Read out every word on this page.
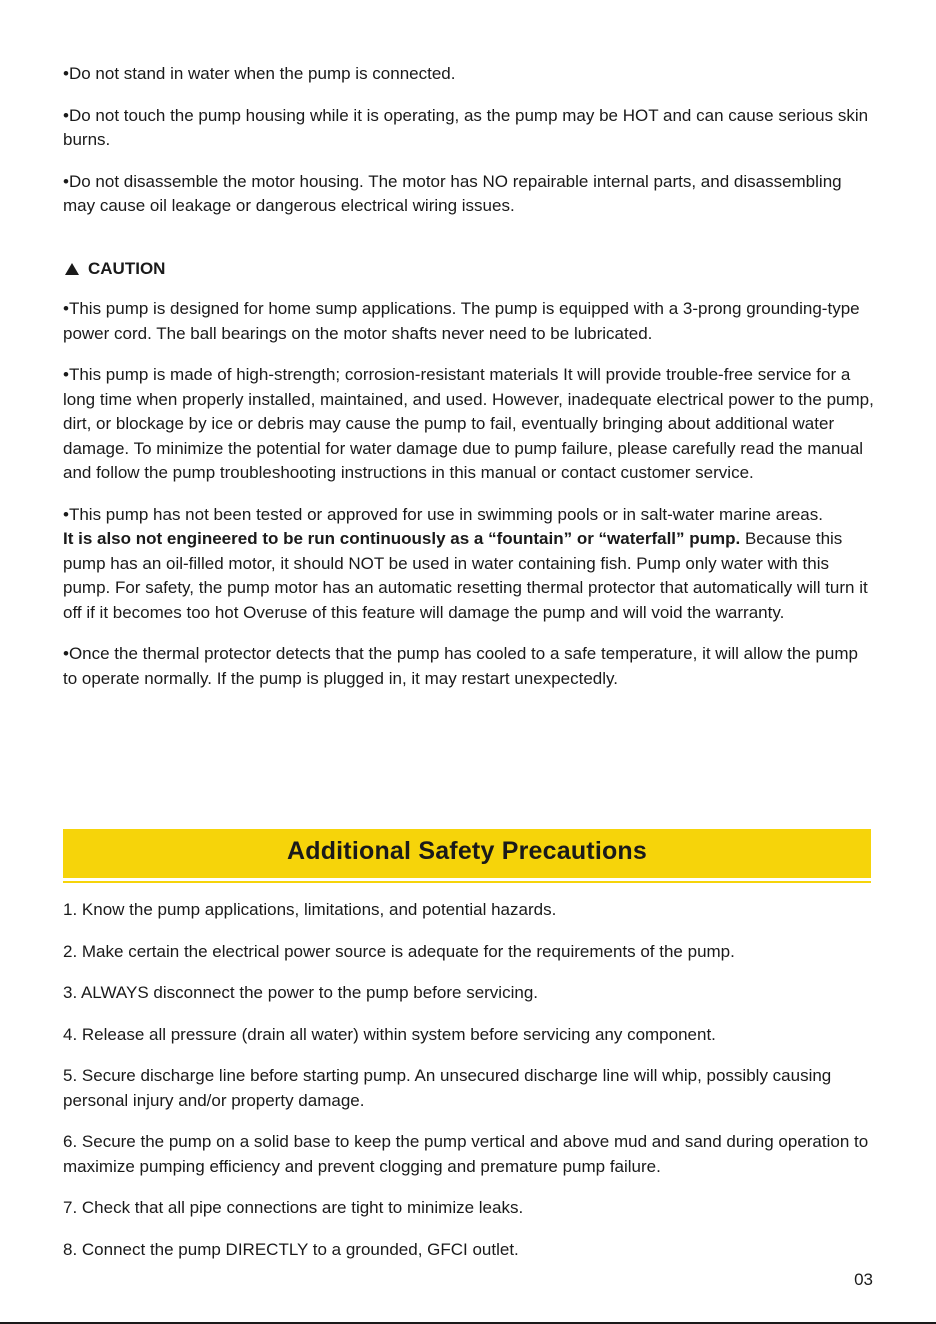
•Do not stand in water when the pump is connected.

•Do not touch the pump housing while it is operating, as the pump may be HOT and can cause serious skin burns.

•Do not disassemble the motor housing. The motor has NO repairable internal parts, and disassembling may cause oil leakage or dangerous electrical wiring issues.

CAUTION

•This pump is designed for home sump applications. The pump is equipped with a 3-prong grounding-type power cord. The ball bearings on the motor shafts never need to be lubricated.

•This pump is made of high-strength; corrosion-resistant materials It will provide trouble-free service for a long time when properly installed, maintained, and used. However, inadequate electrical power to the pump, dirt, or blockage by ice or debris may cause the pump to fail, eventually bringing about additional water damage. To minimize the potential for water damage due to pump failure, please carefully read the manual and follow the pump troubleshooting instructions in this manual or contact customer service.

•This pump has not been tested or approved for use in swimming pools or in salt-water marine areas.
It is also not engineered to be run continuously as a “fountain” or “waterfall” pump. Because this pump has an oil-filled motor, it should NOT be used in water containing fish. Pump only water with this pump. For safety, the pump motor has an automatic resetting thermal protector that automatically will turn it off if it becomes too hot Overuse of this feature will damage the pump and will void the warranty.

•Once the thermal protector detects that the pump has cooled to a safe temperature, it will allow the pump to operate normally. If the pump is plugged in, it may restart unexpectedly.

Additional Safety Precautions

1. Know the pump applications, limitations, and potential hazards.

2. Make certain the electrical power source is adequate for the requirements of the pump.

3. ALWAYS disconnect the power to the pump before servicing.

4. Release all pressure (drain all water) within system before servicing any component.

5. Secure discharge line before starting pump. An unsecured discharge line will whip, possibly causing personal injury and/or property damage.

6. Secure the pump on a solid base to keep the pump vertical and above mud and sand during operation to maximize pumping efficiency and prevent clogging and premature pump failure.

7. Check that all pipe connections are tight to minimize leaks.

8. Connect the pump DIRECTLY to a grounded, GFCI outlet.

03
